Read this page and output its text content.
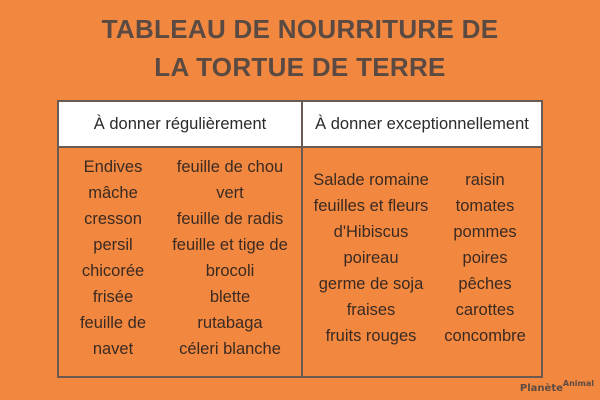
TABLEAU DE NOURRITURE DE
LA TORTUE DE TERRE
À donner régulièrement	À donner exceptionnellement
Endives
mâche
cresson
persil
chicorée
frisée
feuille de
navet
feuille de chou
vert
feuille de radis
feuille et tige de
brocoli
blette
rutabaga
céleri blanche
Salade romaine
feuilles et fleurs
d'Hibiscus
poireau
germe de soja
fraises
fruits rouges
raisin
tomates
pommes
poires
pêches
carottes
concombre
Planète$^{Animal}$
